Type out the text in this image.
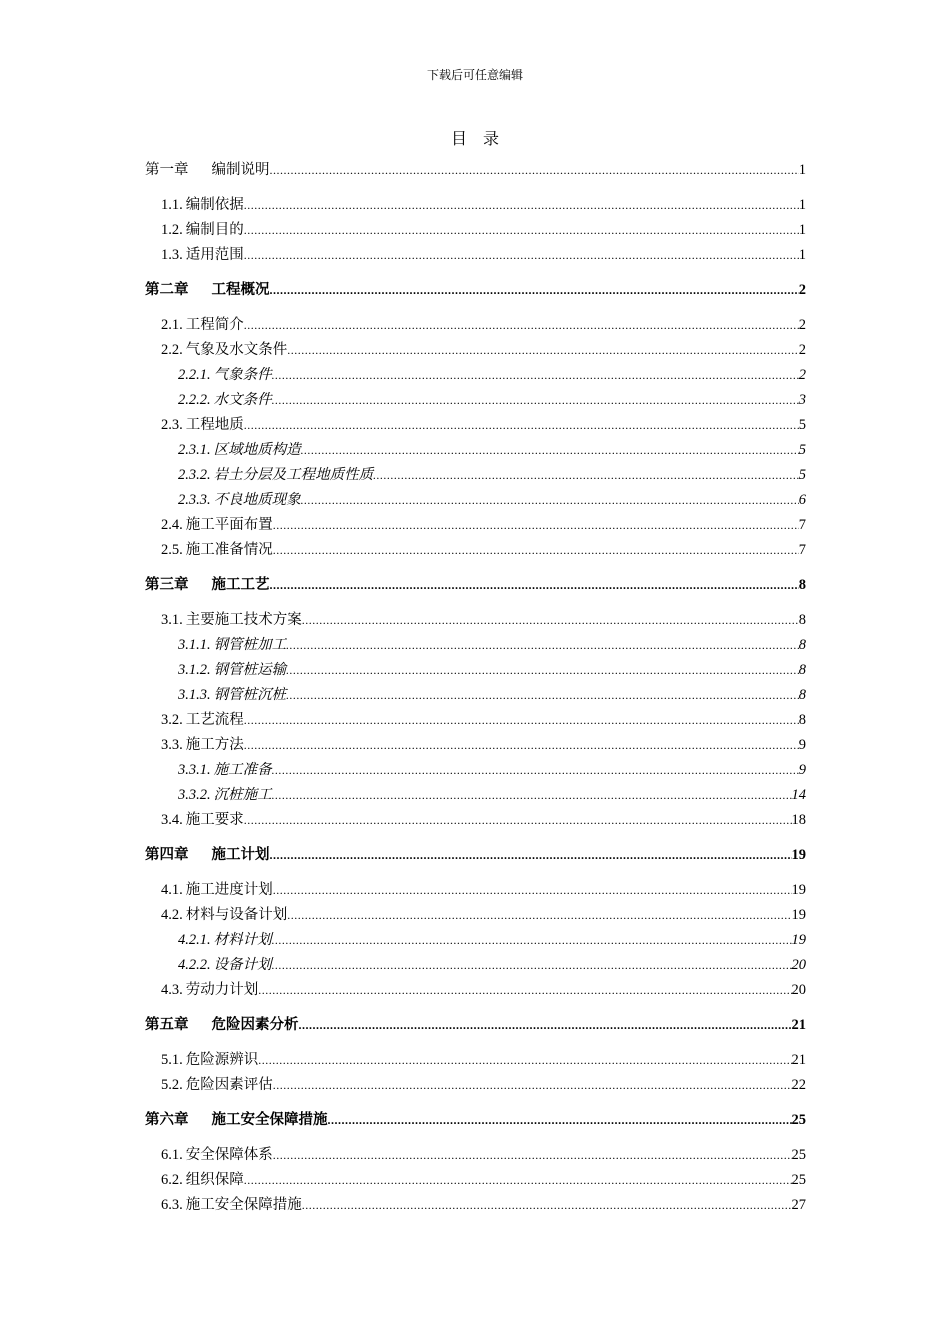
下载后可任意编辑
目录
第一章 编制说明 .....	1
1.1. 编制依据 .....	1
1.2. 编制目的 .....	1
1.3. 适用范围 .....	1
第二章 工程概况 .....	2
2.1. 工程简介 .....	2
2.2. 气象及水文条件 .....	2
2.2.1. 气象条件 .....	2
2.2.2. 水文条件 .....	3
2.3. 工程地质 .....	5
2.3.1. 区域地质构造 .....	5
2.3.2. 岩土分层及工程地质性质 .....	5
2.3.3. 不良地质现象 .....	6
2.4. 施工平面布置 .....	7
2.5. 施工准备情况 .....	7
第三章 施工工艺 .....	8
3.1. 主要施工技术方案 .....	8
3.1.1. 钢管桩加工 .....	8
3.1.2. 钢管桩运输 .....	8
3.1.3. 钢管桩沉桩 .....	8
3.2. 工艺流程 .....	8
3.3. 施工方法 .....	9
3.3.1. 施工准备 .....	9
3.3.2. 沉桩施工 .....	14
3.4. 施工要求 .....	18
第四章 施工计划 .....	19
4.1. 施工进度计划 .....	19
4.2. 材料与设备计划 .....	19
4.2.1. 材料计划 .....	19
4.2.2. 设备计划 .....	20
4.3. 劳动力计划 .....	20
第五章 危险因素分析 .....	21
5.1. 危险源辨识 .....	21
5.2. 危险因素评估 .....	22
第六章 施工安全保障措施 .....	25
6.1. 安全保障体系 .....	25
6.2. 组织保障 .....	25
6.3. 施工安全保障措施 .....	27
